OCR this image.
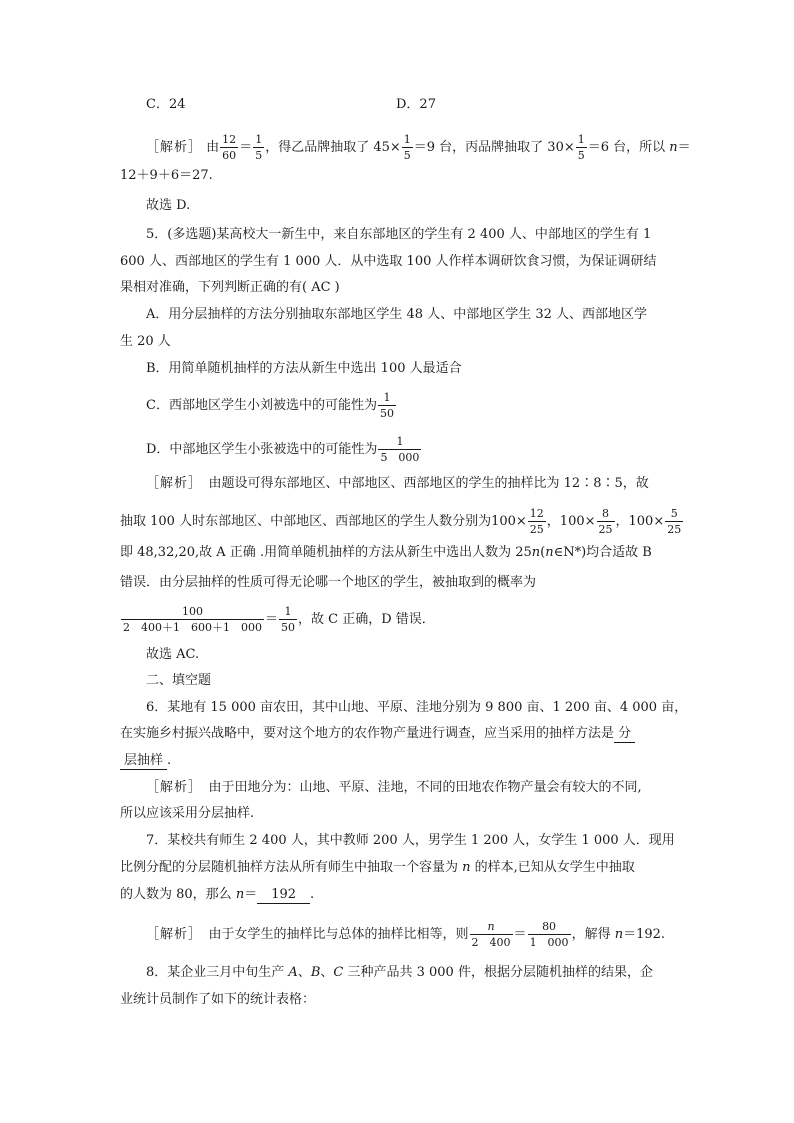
C．24	D．27
［解析］ 由 $\frac{12}{60} = \frac{1}{5}$ ，得乙品牌抽取了 $45\times \frac{1}{5} =9$ 台，丙品牌抽取了 $30\times \frac{1}{5} =6$ 台，所以 n＝
12＋9＋6＝27.
故选 D.
5．(多选题)某高校大一新生中，来自东部地区的学生有 2 400 人、中部地区的学生有 1
600 人、西部地区的学生有 1 000 人．从中选取 100 人作样本调研饮食习惯，为保证调研结
果相对准确，下列判断正确的有( AC )
A．用分层抽样的方法分别抽取东部地区学生 48 人、中部地区学生 32 人、西部地区学
生 20 人
B．用简单随机抽样的方法从新生中选出 100 人最适合
C．西部地区学生小刘被选中的可能性为 $\frac{1}{50}$
D．中部地区学生小张被选中的可能性为 $\frac{1}{5 000}$
［解析］　 由题设可得东部地区、中部地区、西部地区的学生的抽样比为 12∶8∶5，故
抽取 100 人时东部地区、中部地区、西部地区的学生人数分别为$100\times \frac{12}{25}$ ，$100\times \frac{8}{25}$ ，$100\times \frac{5}{25}$
即 48,32,20,故 A 正确 .用简单随机抽样的方法从新生中选出人数为 25n(n∈N*)均合适故 B
错误．由分层抽样的性质可得无论哪一个地区的学生，被抽取到的概率为
$\frac{100}{2 400+1 600+1 000} = \frac{1}{50}$ ，故 C 正确，D 错误．
故选 AC.
二、填空题
6．某地有 15 000 亩农田，其中山地、平原、洼地分别为 9 800 亩、1 200 亩、4 000 亩，
在实施乡村振兴战略中，要对这个地方的农作物产量进行调查，应当采用的抽样方法是 分
层抽样 .
［解析］　 由于田地分为：山地、平原、洼地，不同的田地农作物产量会有较大的不同,
所以应该采用分层抽样.
7．某校共有师生 2 400 人，其中教师 200 人，男学生 1 200 人，女学生 1 000 人．现用
比例分配的分层随机抽样方法从所有师生中抽取一个容量为 n 的样本,已知从女学生中抽取
的人数为 80，那么 n＝ 192 .
［解析］　 由于女学生的抽样比与总体的抽样比相等，则 $\frac{n}{2 400} = \frac{80}{1 000}$ ，解得 n＝192.
8．某企业三月中旬生产 A、B、C 三种产品共 3 000 件，根据分层随机抽样的结果，企
业统计员制作了如下的统计表格：
